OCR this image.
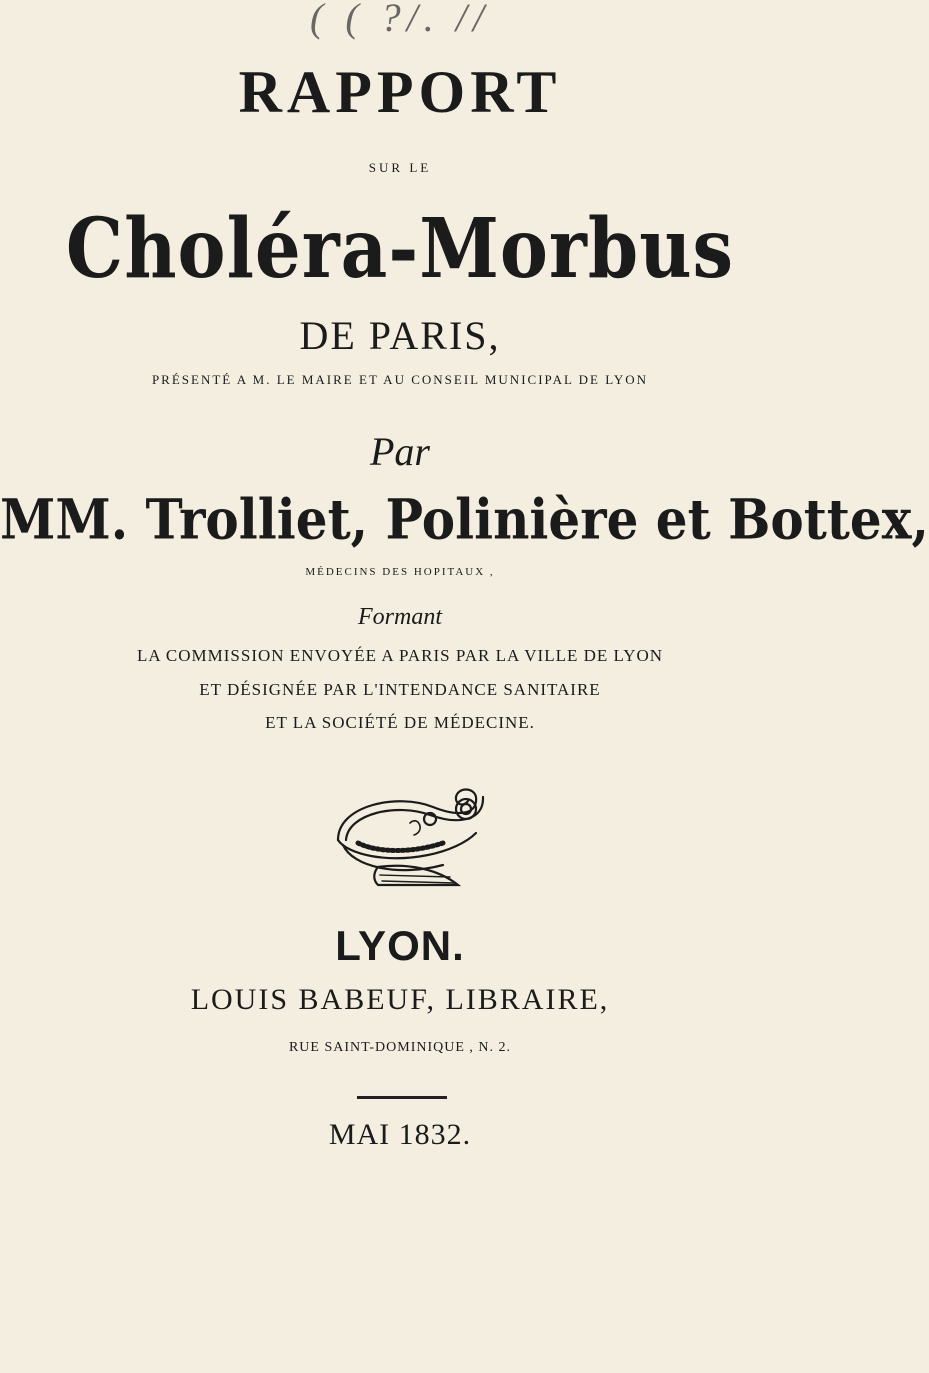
( ( ?/. //
RAPPORT
SUR LE
Choléra-Morbus
DE PARIS,
PRÉSENTÉ A M. LE MAIRE ET AU CONSEIL MUNICIPAL DE LYON
Par
MM. Trolliet, Polinière et Bottex,
MÉDECINS DES HOPITAUX ,
Formant
LA COMMISSION ENVOYÉE A PARIS PAR LA VILLE DE LYON
ET DÉSIGNÉE PAR L'INTENDANCE SANITAIRE
ET LA SOCIÉTÉ DE MÉDECINE.
LYON.
LOUIS BABEUF, LIBRAIRE,
RUE SAINT-DOMINIQUE , N. 2.
MAI 1832.
